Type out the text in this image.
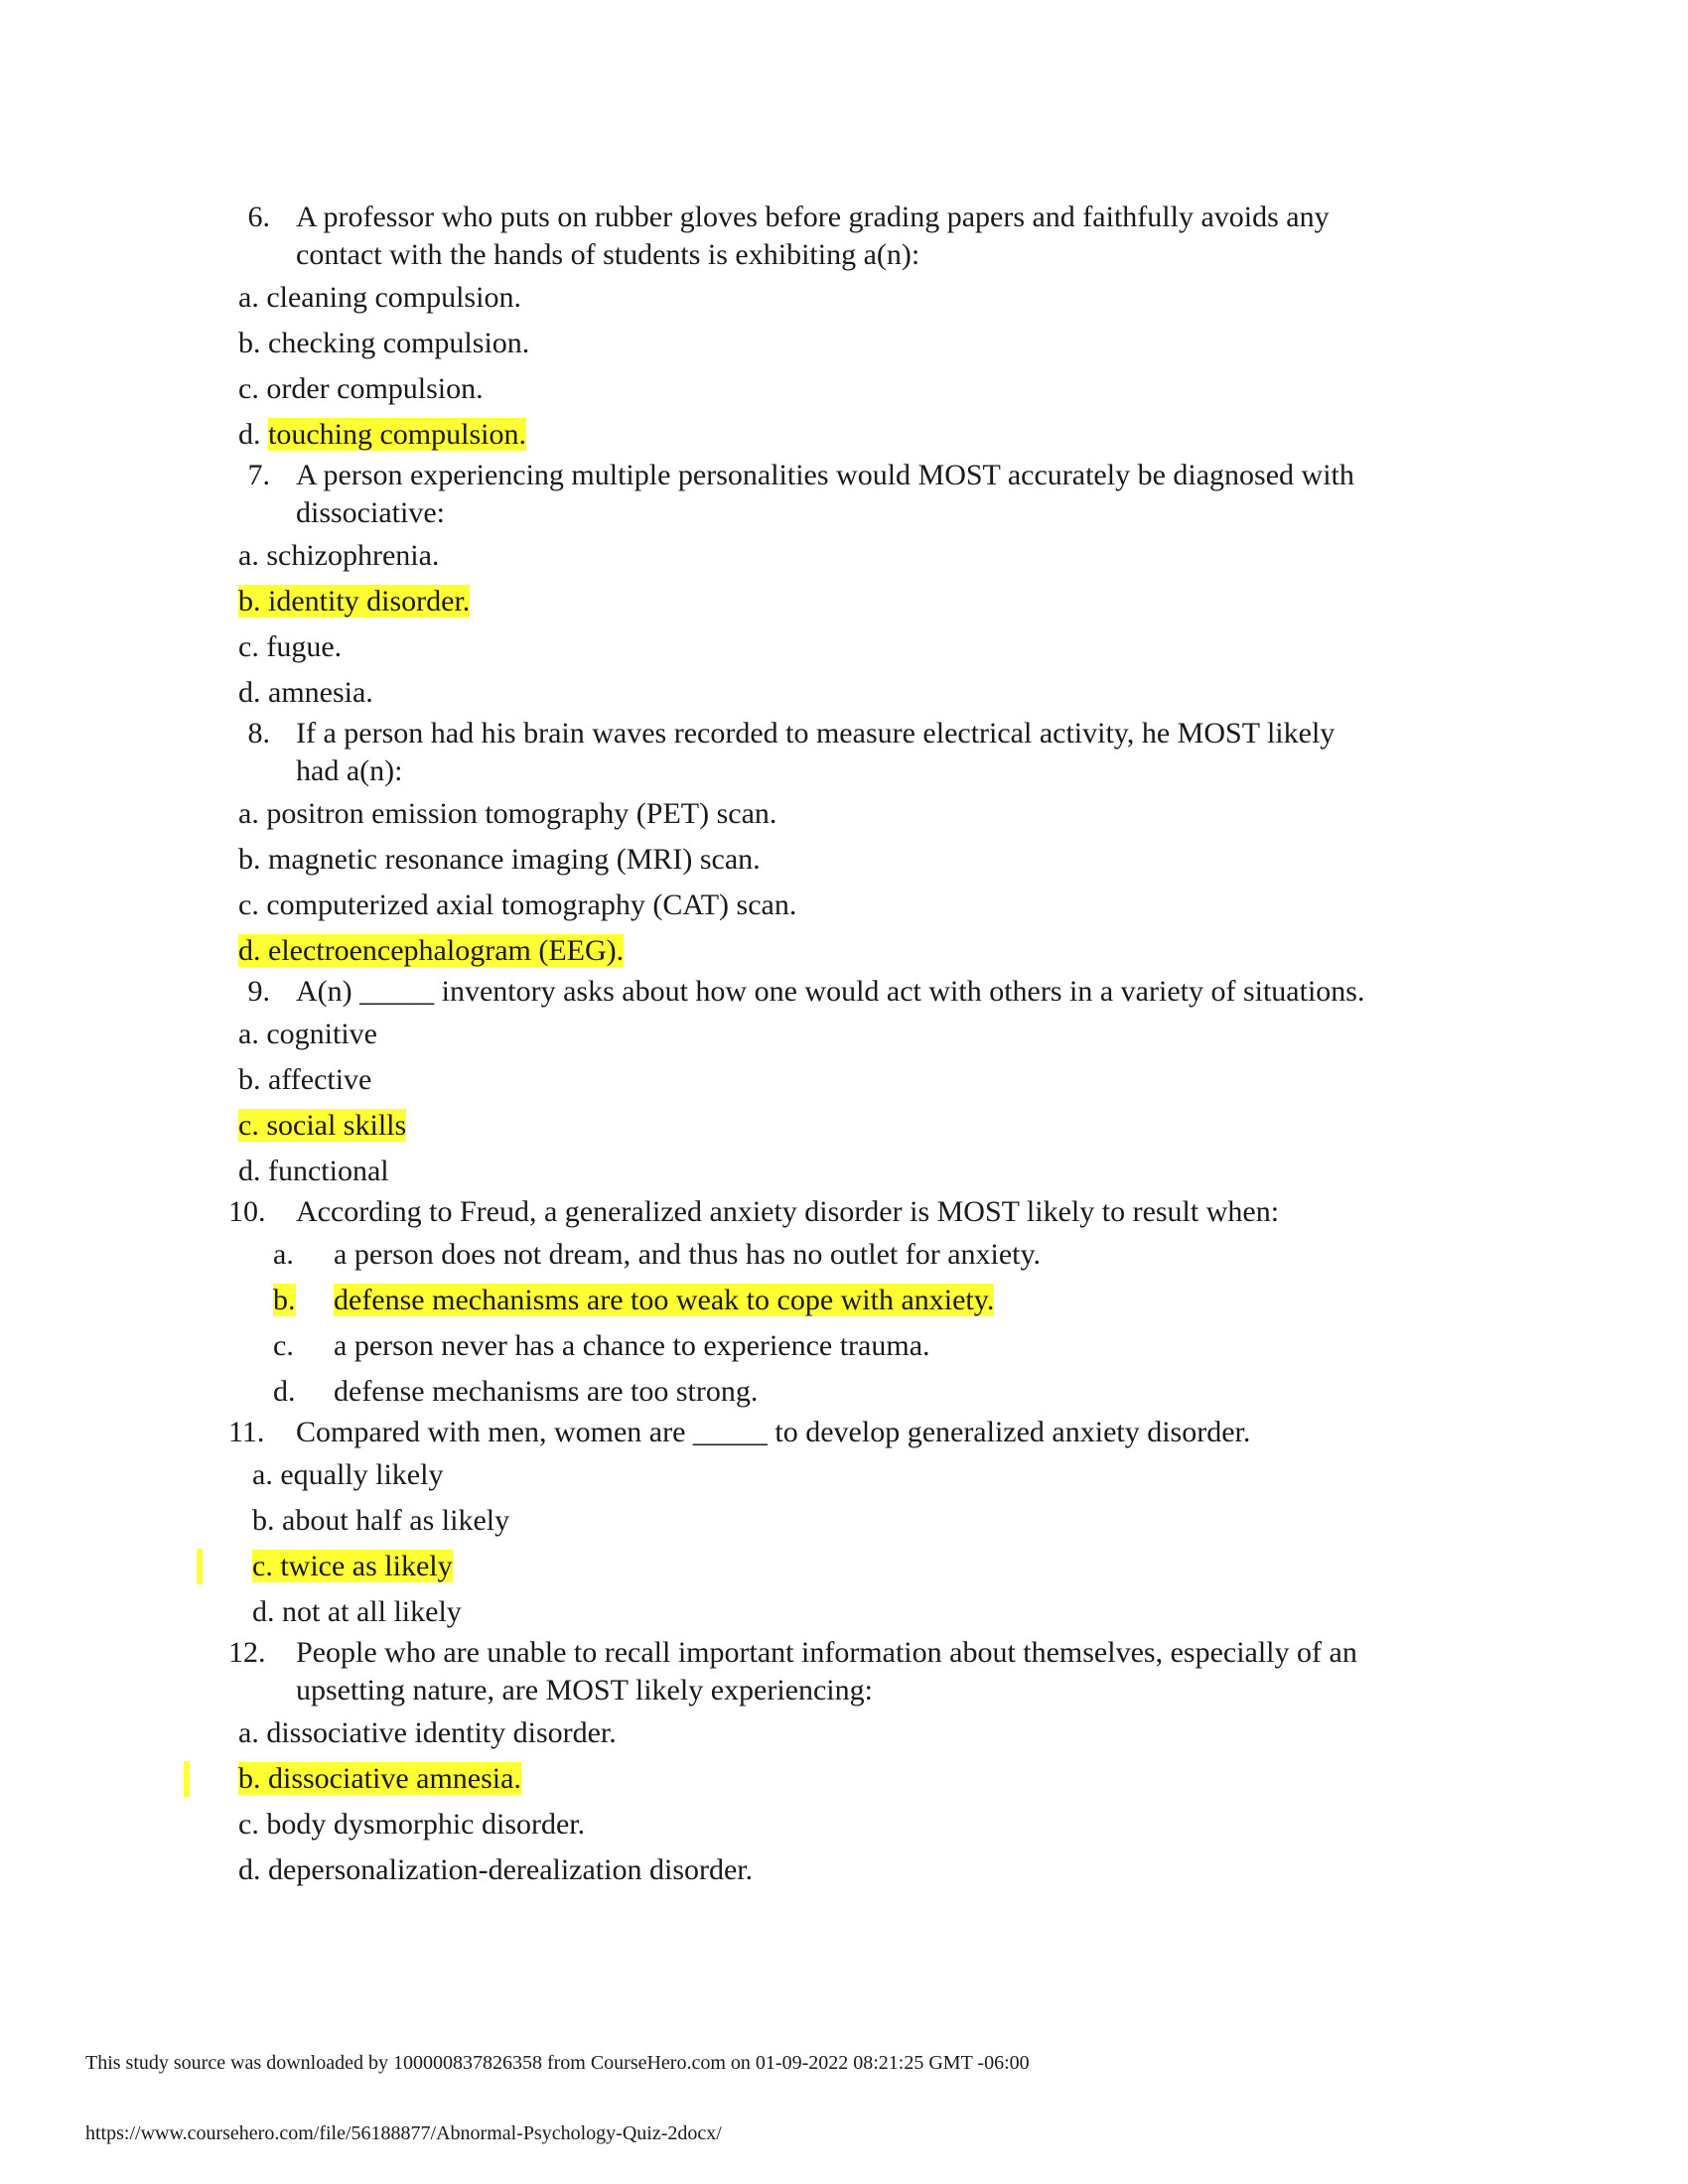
6. A professor who puts on rubber gloves before grading papers and faithfully avoids any
contact with the hands of students is exhibiting a(n):
a. cleaning compulsion.
b. checking compulsion.
c. order compulsion.
d. touching compulsion.
7. A person experiencing multiple personalities would MOST accurately be diagnosed with
dissociative:
a. schizophrenia.
b. identity disorder.
c. fugue.
d. amnesia.
8. If a person had his brain waves recorded to measure electrical activity, he MOST likely
had a(n):
a. positron emission tomography (PET) scan.
b. magnetic resonance imaging (MRI) scan.
c. computerized axial tomography (CAT) scan.
d. electroencephalogram (EEG).
9. A(n) _____ inventory asks about how one would act with others in a variety of situations.
a. cognitive
b. affective
c. social skills
d. functional
10.	According to Freud, a generalized anxiety disorder is MOST likely to result when:
a. a person does not dream, and thus has no outlet for anxiety.
b. defense mechanisms are too weak to cope with anxiety.
c. a person never has a chance to experience trauma.
d. defense mechanisms are too strong.
11.	Compared with men, women are _____ to develop generalized anxiety disorder.
a. equally likely
b. about half as likely
c. twice as likely
d. not at all likely
12.	People who are unable to recall important information about themselves, especially of an
upsetting nature, are MOST likely experiencing:
a. dissociative identity disorder.
b. dissociative amnesia.
c. body dysmorphic disorder.
d. depersonalization-derealization disorder.
This study source was downloaded by 100000837826358 from CourseHero.com on 01-09-2022 08:21:25 GMT -06:00
https://www.coursehero.com/file/56188877/Abnormal-Psychology-Quiz-2docx/
